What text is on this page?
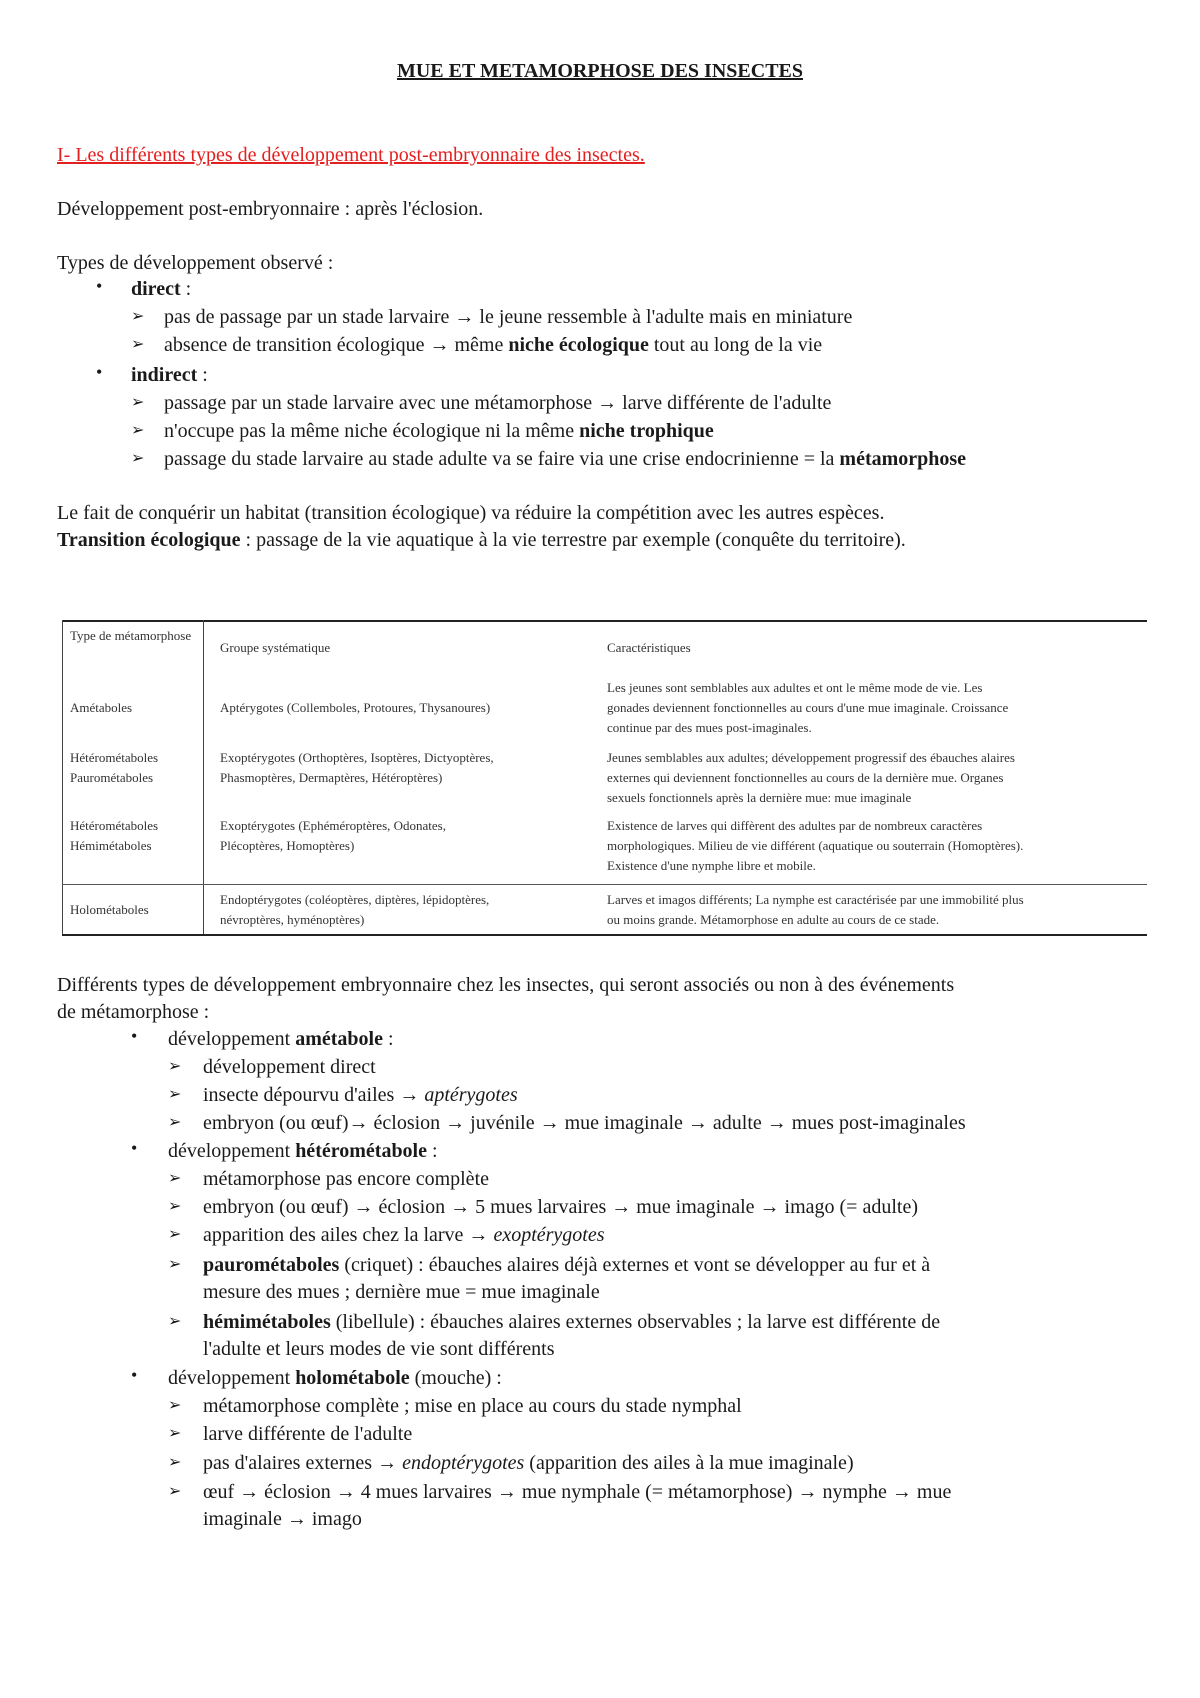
MUE ET METAMORPHOSE DES INSECTES
I- Les différents types de développement post-embryonnaire des insectes.
Développement post-embryonnaire : après l'éclosion.
Types de développement observé :
• direct :
➢ pas de passage par un stade larvaire → le jeune ressemble à l'adulte mais en miniature
➢ absence de transition écologique → même niche écologique tout au long de la vie
• indirect :
➢ passage par un stade larvaire avec une métamorphose → larve différente de l'adulte
➢ n'occupe pas la même niche écologique ni la même niche trophique
➢ passage du stade larvaire au stade adulte va se faire via une crise endocrinienne = la métamorphose
Le fait de conquérir un habitat (transition écologique) va réduire la compétition avec les autres espèces.
Transition écologique : passage de la vie aquatique à la vie terrestre par exemple (conquête du territoire).
Type de métamorphose
Groupe systématique	Caractéristiques
Amétaboles	Aptérygotes (Collemboles, Protoures, Thysanoures)
Les jeunes sont semblables aux adultes et ont le même mode de vie. Les
gonades deviennent fonctionnelles au cours d'une mue imaginale. Croissance
continue par des mues post-imaginales.
Hétérométaboles Paurométaboles
Exoptérygotes (Orthoptères, Isoptères, Dictyoptères,
Phasmoptères, Dermaptères, Hétéroptères)
Jeunes semblables aux adultes; développement progressif des ébauches alaires
externes qui deviennent fonctionnelles au cours de la dernière mue. Organes
sexuels fonctionnels après la dernière mue: mue imaginale
Hétérométaboles Hémimétaboles
Exoptérygotes (Ephéméroptères, Odonates,
Plécoptères, Homoptères)
Existence de larves qui diffèrent des adultes par de nombreux caractères
morphologiques. Milieu de vie différent (aquatique ou souterrain (Homoptères).
Existence d'une nymphe libre et mobile.
Holométaboles
Endoptérygotes (coléoptères, diptères, lépidoptères,
névroptères, hyménoptères)
Larves et imagos différents; La nymphe est caractérisée par une immobilité plus
ou moins grande. Métamorphose en adulte au cours de ce stade.
Différents types de développement embryonnaire chez les insectes, qui seront associés ou non à des événements
de métamorphose :
• développement amétabole :
➢ développement direct
➢ insecte dépourvu d'ailes → aptérygotes
➢ embryon (ou œuf)→ éclosion → juvénile → mue imaginale → adulte → mues post-imaginales
• développement hétérométabole :
➢ métamorphose pas encore complète
➢ embryon (ou œuf) → éclosion → 5 mues larvaires → mue imaginale → imago (= adulte)
➢ apparition des ailes chez la larve → exoptérygotes
➢ paurométaboles (criquet) : ébauches alaires déjà externes et vont se développer au fur et à
mesure des mues ; dernière mue = mue imaginale
➢ hémimétaboles (libellule) : ébauches alaires externes observables ; la larve est différente de
l'adulte et leurs modes de vie sont différents
• développement holométabole (mouche) :
➢ métamorphose complète ; mise en place au cours du stade nymphal
➢ larve différente de l'adulte
➢ pas d'alaires externes → endoptérygotes (apparition des ailes à la mue imaginale)
➢ œuf → éclosion → 4 mues larvaires → mue nymphale (= métamorphose) → nymphe → mue
imaginale → imago
